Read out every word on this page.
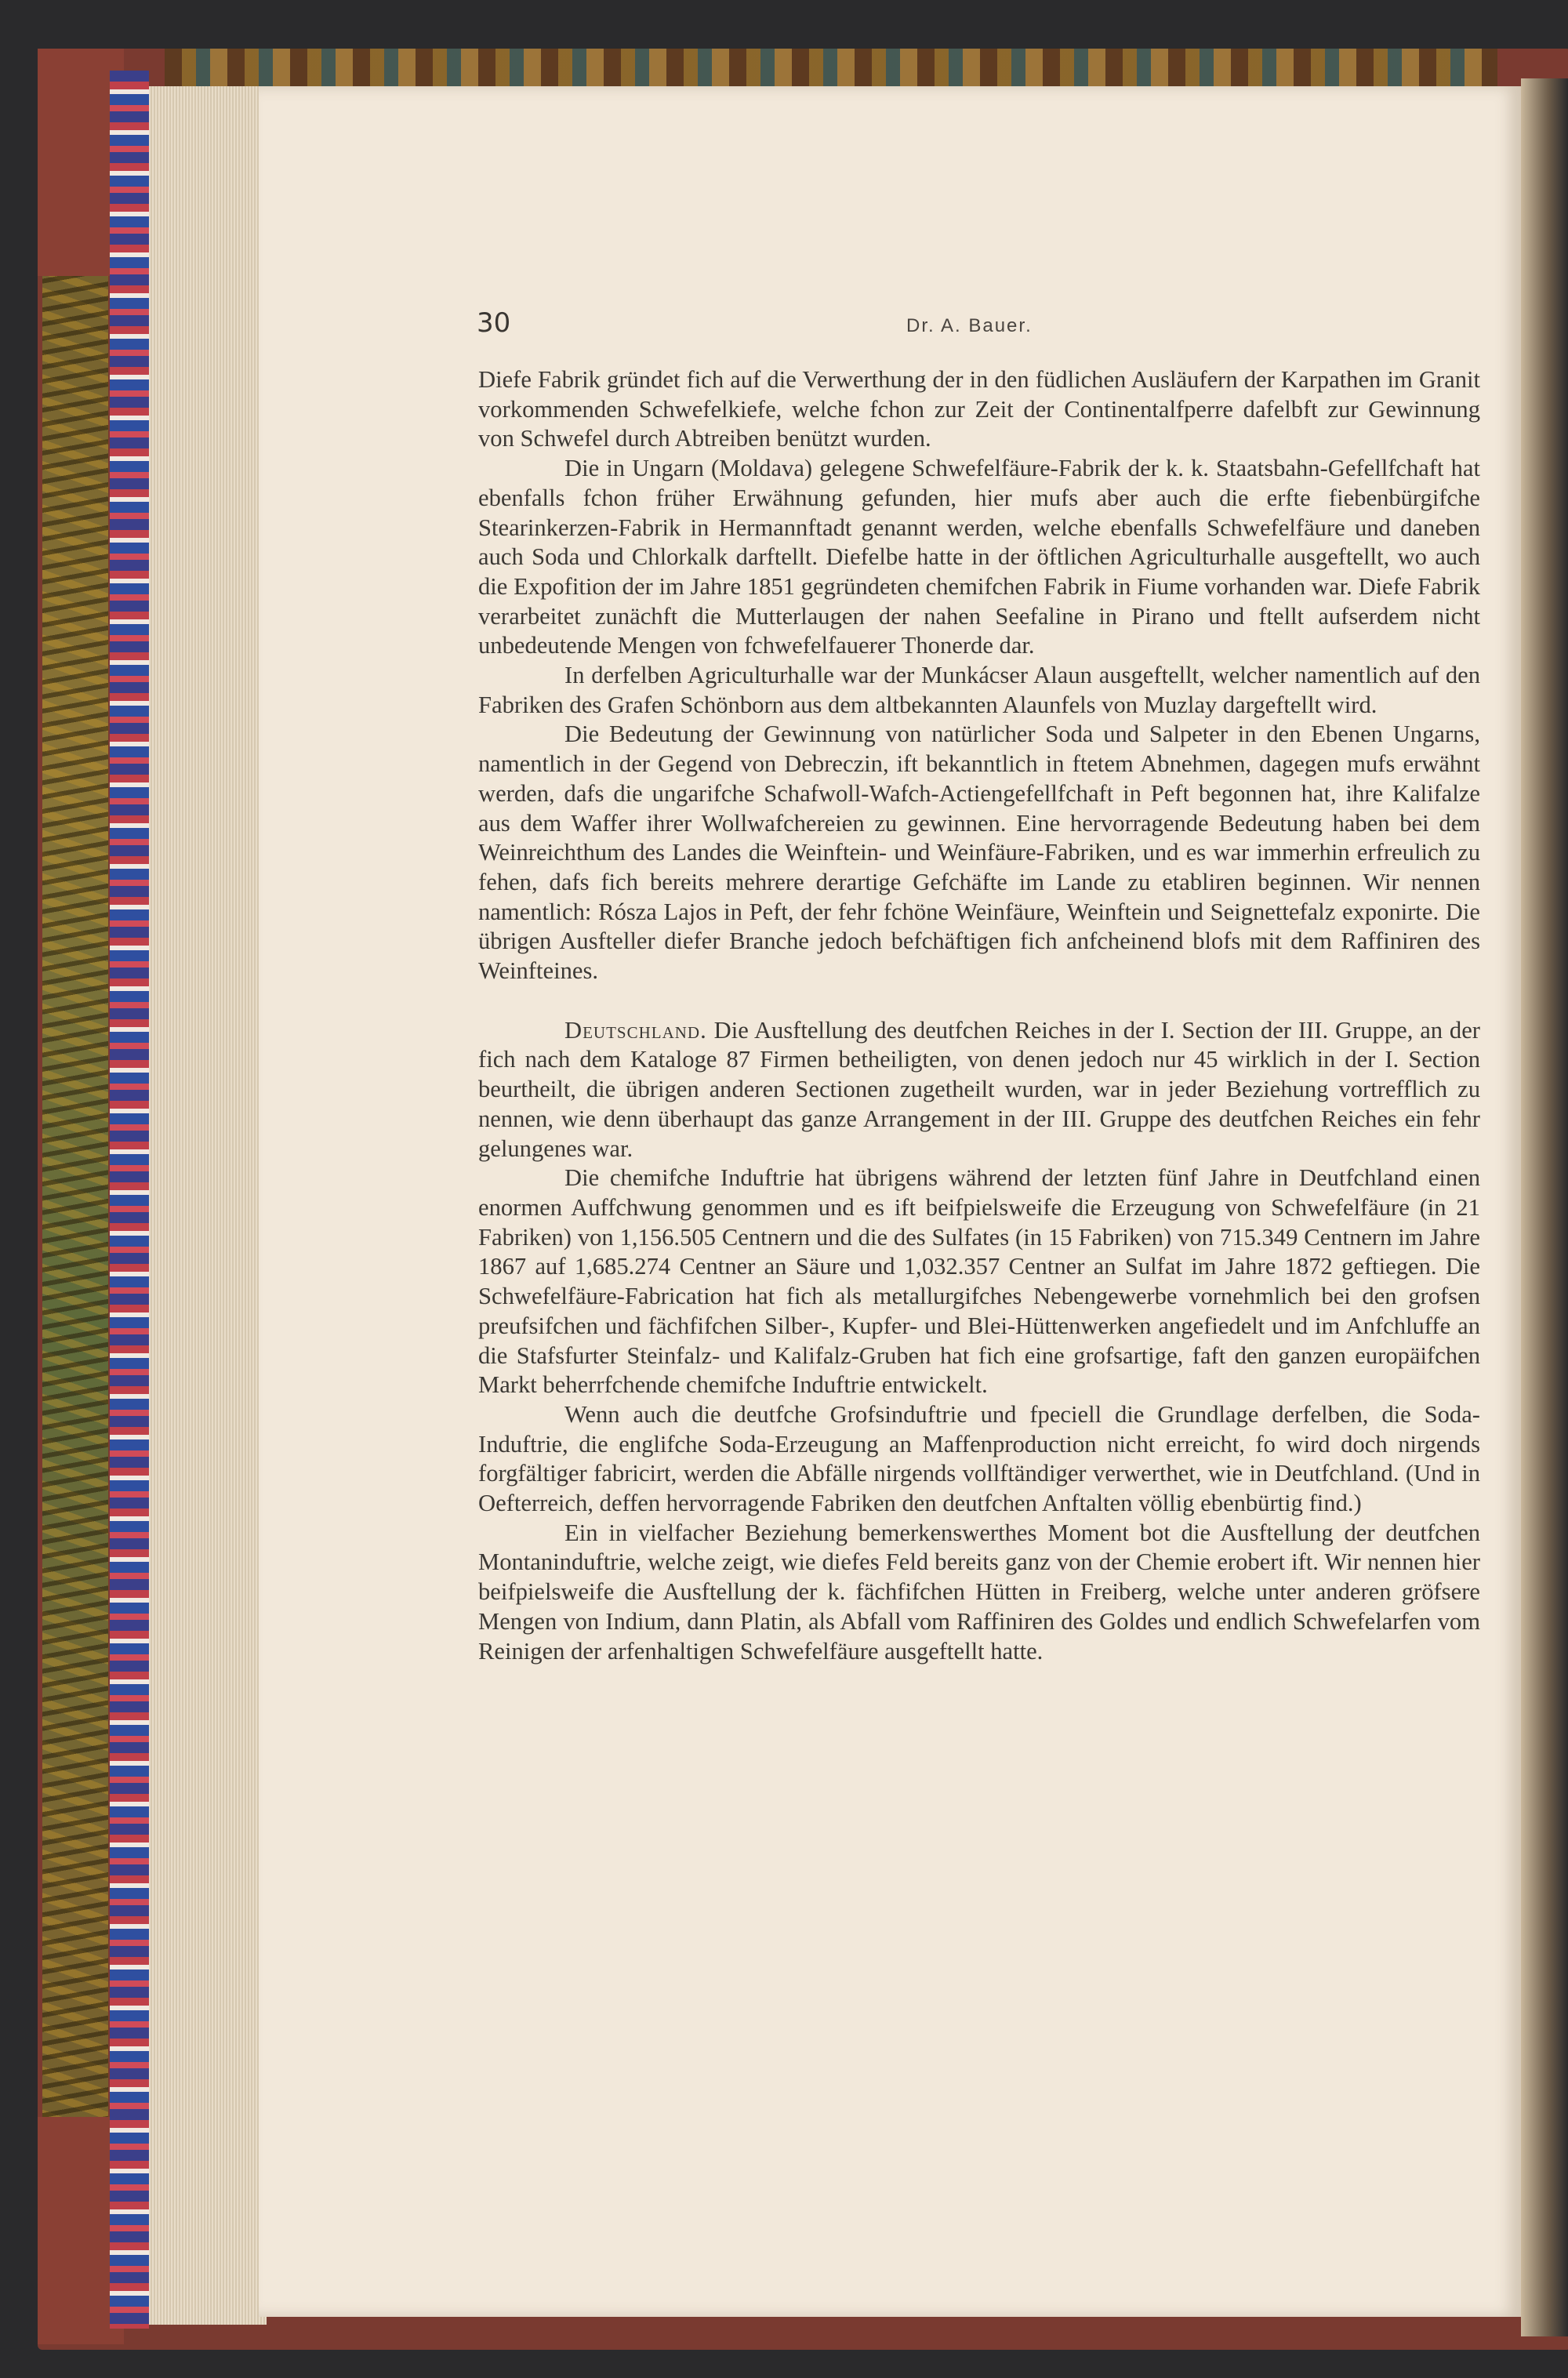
30	Dr. A. Bauer.

Diefe Fabrik gründet fich auf die Verwerthung der in den füdlichen Ausläufern der Karpathen im Granit vorkommenden Schwefelkiefe, welche fchon zur Zeit der Continentalfperre dafelbft zur Gewinnung von Schwefel durch Abtreiben benützt wurden.

Die in Ungarn (Moldava) gelegene Schwefelfäure-Fabrik der k. k. Staatsbahn-Gefellfchaft hat ebenfalls fchon früher Erwähnung gefunden, hier mufs aber auch die erfte fiebenbürgifche Stearinkerzen-Fabrik in Hermannftadt genannt werden, welche ebenfalls Schwefelfäure und daneben auch Soda und Chlorkalk darftellt. Diefelbe hatte in der öftlichen Agriculturhalle ausgeftellt, wo auch die Expofition der im Jahre 1851 gegründeten chemifchen Fabrik in Fiume vorhanden war. Diefe Fabrik verarbeitet zunächft die Mutterlaugen der nahen Seefaline in Pirano und ftellt aufserdem nicht unbedeutende Mengen von fchwefelfauerer Thonerde dar.

In derfelben Agriculturhalle war der Munkácser Alaun ausgeftellt, welcher namentlich auf den Fabriken des Grafen Schönborn aus dem altbekannten Alaunfels von Muzlay dargeftellt wird.

Die Bedeutung der Gewinnung von natürlicher Soda und Salpeter in den Ebenen Ungarns, namentlich in der Gegend von Debreczin, ift bekanntlich in ftetem Abnehmen, dagegen mufs erwähnt werden, dafs die ungarifche Schafwoll-Wafch-Actiengefellfchaft in Peft begonnen hat, ihre Kalifalze aus dem Waffer ihrer Wollwafchereien zu gewinnen. Eine hervorragende Bedeutung haben bei dem Weinreichthum des Landes die Weinftein- und Weinfäure-Fabriken, und es war immerhin erfreulich zu fehen, dafs fich bereits mehrere derartige Gefchäfte im Lande zu etabliren beginnen. Wir nennen namentlich: Rósza Lajos in Peft, der fehr fchöne Weinfäure, Weinftein und Seignettefalz exponirte. Die übrigen Ausfteller diefer Branche jedoch befchäftigen fich anfcheinend blofs mit dem Raffiniren des Weinfteines.

Deutschland. Die Ausftellung des deutfchen Reiches in der I. Section der III. Gruppe, an der fich nach dem Kataloge 87 Firmen betheiligten, von denen jedoch nur 45 wirklich in der I. Section beurtheilt, die übrigen anderen Sectionen zugetheilt wurden, war in jeder Beziehung vortrefflich zu nennen, wie denn überhaupt das ganze Arrangement in der III. Gruppe des deutfchen Reiches ein fehr gelungenes war.

Die chemifche Induftrie hat übrigens während der letzten fünf Jahre in Deutfchland einen enormen Auffchwung genommen und es ift beifpielsweife die Erzeugung von Schwefelfäure (in 21 Fabriken) von 1,156.505 Centnern und die des Sulfates (in 15 Fabriken) von 715.349 Centnern im Jahre 1867 auf 1,685.274 Centner an Säure und 1,032.357 Centner an Sulfat im Jahre 1872 geftiegen. Die Schwefelfäure-Fabrication hat fich als metallurgifches Nebengewerbe vornehmlich bei den grofsen preufsifchen und fächfifchen Silber-, Kupfer- und Blei-Hüttenwerken angefiedelt und im Anfchluffe an die Stafsfurter Steinfalz- und Kalifalz-Gruben hat fich eine grofsartige, faft den ganzen europäifchen Markt beherrfchende chemifche Induftrie entwickelt.

Wenn auch die deutfche Grofsinduftrie und fpeciell die Grundlage derfelben, die Soda-Induftrie, die englifche Soda-Erzeugung an Maffenproduction nicht erreicht, fo wird doch nirgends forgfältiger fabricirt, werden die Abfälle nirgends vollftändiger verwerthet, wie in Deutfchland. (Und in Oefterreich, deffen hervorragende Fabriken den deutfchen Anftalten völlig ebenbürtig find.)

Ein in vielfacher Beziehung bemerkenswerthes Moment bot die Ausftellung der deutfchen Montaninduftrie, welche zeigt, wie diefes Feld bereits ganz von der Chemie erobert ift. Wir nennen hier beifpielsweife die Ausftellung der k. fächfifchen Hütten in Freiberg, welche unter anderen gröfsere Mengen von Indium, dann Platin, als Abfall vom Raffiniren des Goldes und endlich Schwefelarfen vom Reinigen der arfenhaltigen Schwefelfäure ausgeftellt hatte.
